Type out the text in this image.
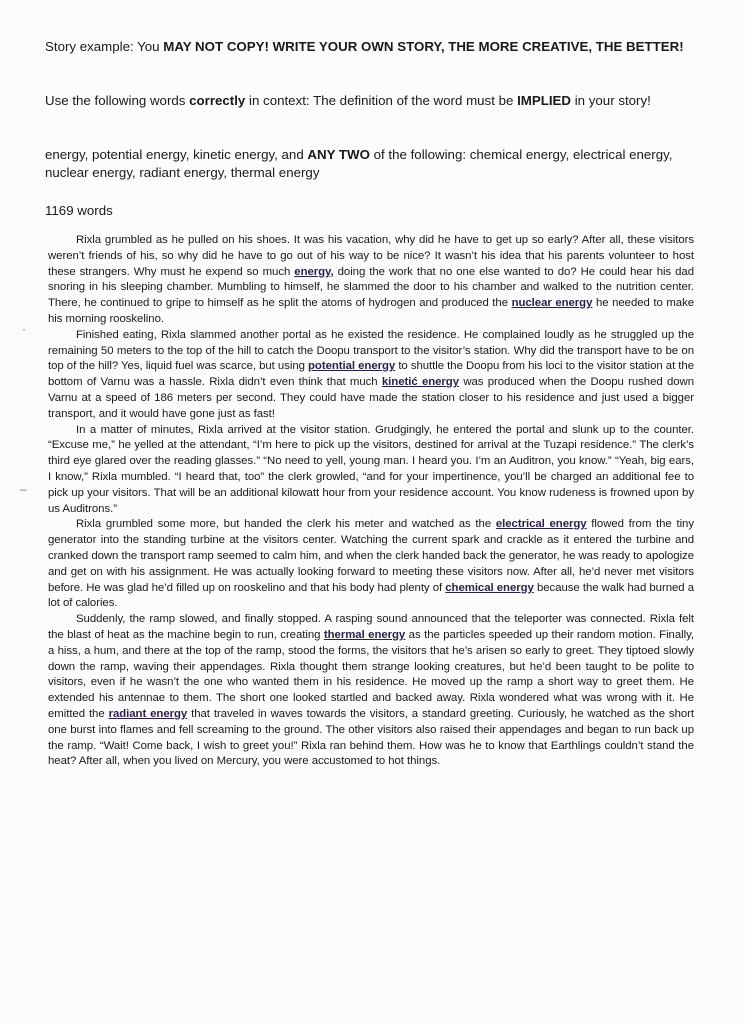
Story example: You MAY NOT COPY! WRITE YOUR OWN STORY, THE MORE CREATIVE, THE BETTER!

Use the following words correctly in context: The definition of the word must be IMPLIED in your story!

energy, potential energy, kinetic energy, and ANY TWO of the following: chemical energy, electrical energy, nuclear energy, radiant energy, thermal energy

1169 words

Rixla grumbled as he pulled on his shoes. It was his vacation, why did he have to get up so early? After all, these visitors weren’t friends of his, so why did he have to go out of his way to be nice? It wasn’t his idea that his parents volunteer to host these strangers. Why must he expend so much energy, doing the work that no one else wanted to do? He could hear his dad snoring in his sleeping chamber. Mumbling to himself, he slammed the door to his chamber and walked to the nutrition center. There, he continued to gripe to himself as he split the atoms of hydrogen and produced the nuclear energy he needed to make his morning rooskelino.

Finished eating, Rixla slammed another portal as he existed the residence. He complained loudly as he struggled up the remaining 50 meters to the top of the hill to catch the Doopu transport to the visitor’s station. Why did the transport have to be on top of the hill? Yes, liquid fuel was scarce, but using potential energy to shuttle the Doopu from his loci to the visitor station at the bottom of Varnu was a hassle. Rixla didn’t even think that much kinetić energy was produced when the Doopu rushed down Varnu at a speed of 186 meters per second. They could have made the station closer to his residence and just used a bigger transport, and it would have gone just as fast!

In a matter of minutes, Rixla arrived at the visitor station. Grudgingly, he entered the portal and slunk up to the counter. “Excuse me,” he yelled at the attendant, “I’m here to pick up the visitors, destined for arrival at the Tuzapi residence.” The clerk’s third eye glared over the reading glasses.” “No need to yell, young man. I heard you. I’m an Auditron, you know.” “Yeah, big ears, I know,” Rixla mumbled. “I heard that, too” the clerk growled, “and for your impertinence, you’ll be charged an additional fee to pick up your visitors. That will be an additional kilowatt hour from your residence account. You know rudeness is frowned upon by us Auditrons.”

Rixla grumbled some more, but handed the clerk his meter and watched as the electrical energy flowed from the tiny generator into the standing turbine at the visitors center. Watching the current spark and crackle as it entered the turbine and cranked down the transport ramp seemed to calm him, and when the clerk handed back the generator, he was ready to apologize and get on with his assignment. He was actually looking forward to meeting these visitors now. After all, he’d never met visitors before. He was glad he’d filled up on rooskelino and that his body had plenty of chemical energy because the walk had burned a lot of calories.

Suddenly, the ramp slowed, and finally stopped. A rasping sound announced that the teleporter was connected. Rixla felt the blast of heat as the machine begin to run, creating thermal energy as the particles speeded up their random motion. Finally, a hiss, a hum, and there at the top of the ramp, stood the forms, the visitors that he’s arisen so early to greet. They tiptoed slowly down the ramp, waving their appendages. Rixla thought them strange looking creatures, but he’d been taught to be polite to visitors, even if he wasn’t the one who wanted them in his residence. He moved up the ramp a short way to greet them. He extended his antennae to them. The short one looked startled and backed away. Rixla wondered what was wrong with it. He emitted the radiant energy that traveled in waves towards the visitors, a standard greeting. Curiously, he watched as the short one burst into flames and fell screaming to the ground. The other visitors also raised their appendages and began to run back up the ramp. “Wait! Come back, I wish to greet you!” Rixla ran behind them. How was he to know that Earthlings couldn’t stand the heat? After all, when you lived on Mercury, you were accustomed to hot things.

–
·
